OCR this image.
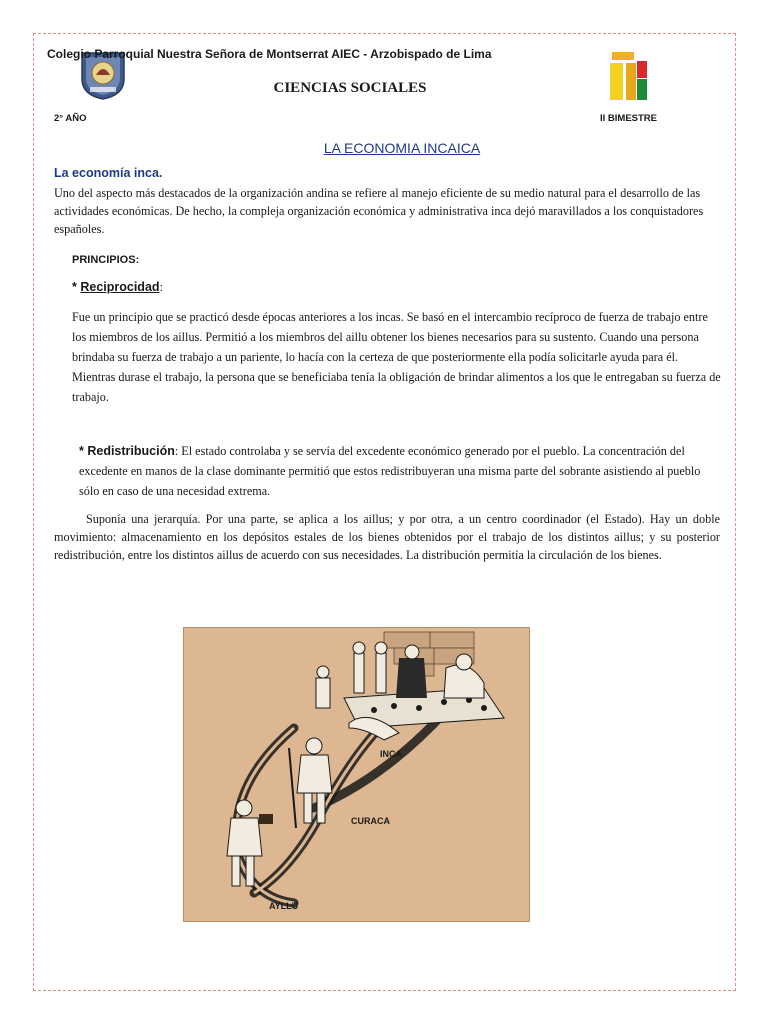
Colegio Parroquial Nuestra Señora de Montserrat AIEC - Arzobispado de Lima
CIENCIAS SOCIALES
2° AÑO	II BIMESTRE
LA ECONOMIA INCAICA
La economía inca.
Uno del aspecto más destacados de la organización andina se refiere al manejo eficiente de su medio natural para el desarrollo de las actividades económicas. De hecho, la compleja organización económica y administrativa inca dejó maravillados a los conquistadores españoles.
PRINCIPIOS:
* Reciprocidad:
Fue un principio que se practicó desde épocas anteriores a los incas. Se basó en el intercambio recíproco de fuerza de trabajo entre los miembros de los aillus. Permitió a los miembros del aillu obtener los bienes necesarios para su sustento. Cuando una persona brindaba su fuerza de trabajo a un pariente, lo hacía con la certeza de que posteriormente ella podía solicitarle ayuda para él. Mientras durase el trabajo, la persona que se beneficiaba tenía la obligación de brindar alimentos a los que le entregaban su fuerza de trabajo.
* Redistribución: El estado controlaba y se servía del excedente económico generado por el pueblo. La concentración del excedente en manos de la clase dominante permitió que estos redistribuyeran una misma parte del sobrante asistiendo al pueblo sólo en caso de una necesidad extrema.
Suponía una jerarquía. Por una parte, se aplica a los aillus; y por otra, a un centro coordinador (el Estado). Hay un doble movimiento: almacenamiento en los depósitos estales de los bienes obtenidos por el trabajo de los distintos aillus; y su posterior redistribución, entre los distintos aillus de acuerdo con sus necesidades. La distribución permitía la circulación de los bienes.
INCA
CURACA
AYLLU
